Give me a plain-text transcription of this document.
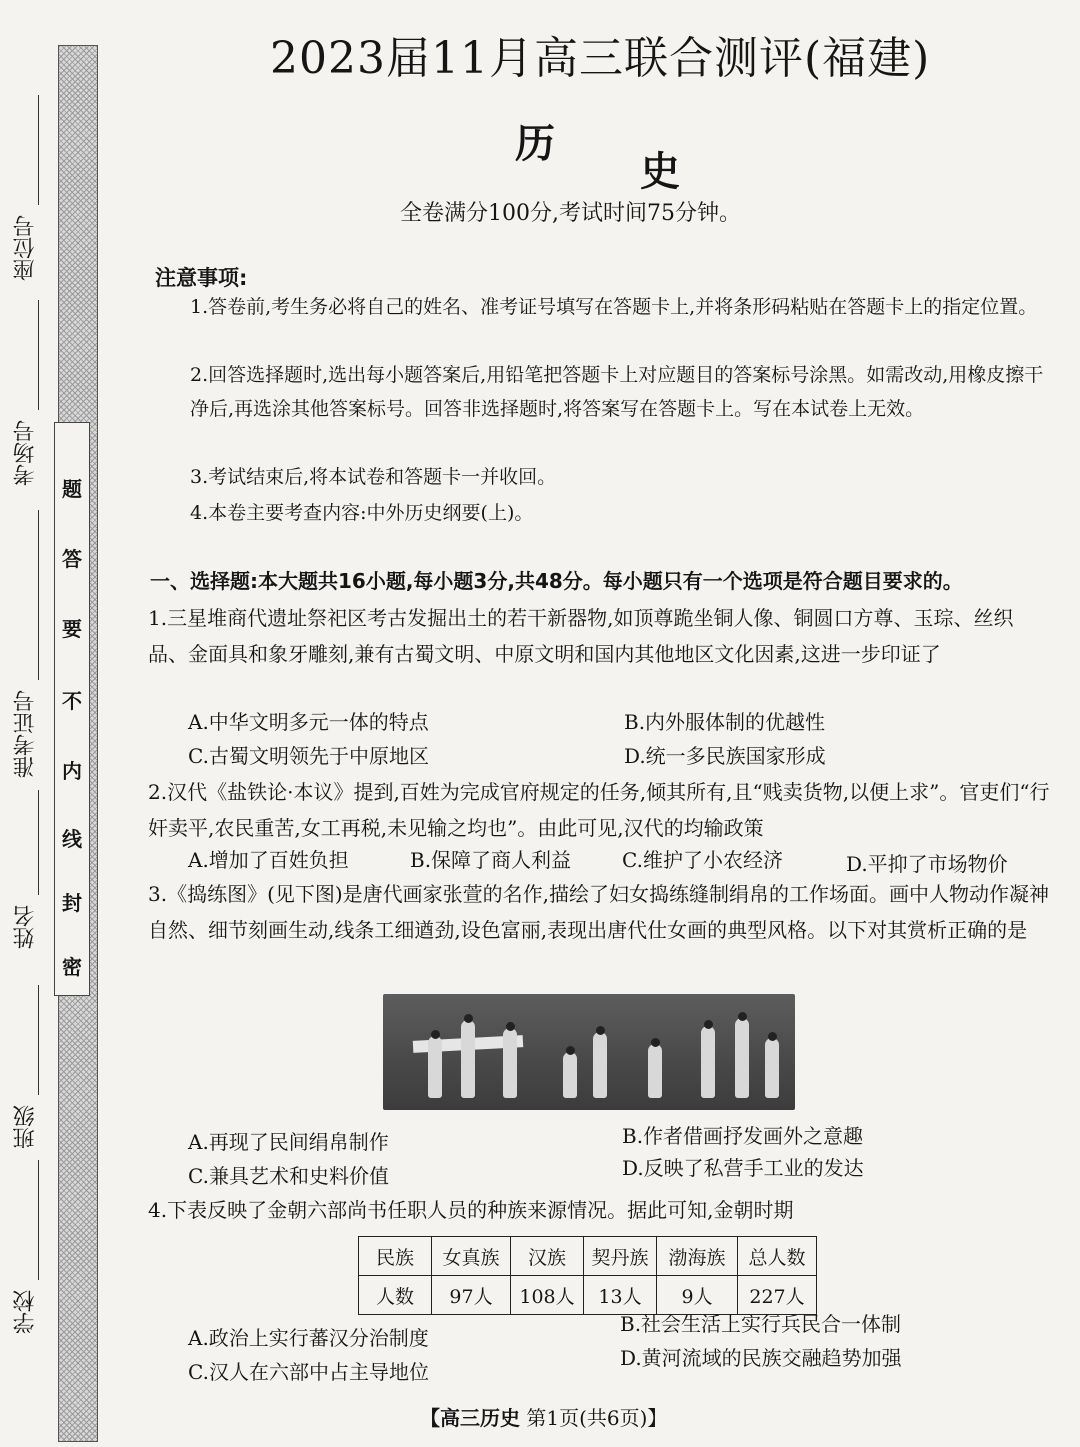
题
答
要
不
内
线
封
密
座位号
考场号
准考证号
姓名
班级
学校
2023届11月高三联合测评(福建)
历
史
全卷满分100分,考试时间75分钟。
注意事项:
1.答卷前,考生务必将自己的姓名、准考证号填写在答题卡上,并将条形码粘贴在答题卡上的指定位置。
2.回答选择题时,选出每小题答案后,用铅笔把答题卡上对应题目的答案标号涂黑。如需改动,用橡皮擦干净后,再选涂其他答案标号。回答非选择题时,将答案写在答题卡上。写在本试卷上无效。
3.考试结束后,将本试卷和答题卡一并收回。
4.本卷主要考查内容:中外历史纲要(上)。
一、选择题:本大题共16小题,每小题3分,共48分。每小题只有一个选项是符合题目要求的。
1.三星堆商代遗址祭祀区考古发掘出土的若干新器物,如顶尊跪坐铜人像、铜圆口方尊、玉琮、丝织品、金面具和象牙雕刻,兼有古蜀文明、中原文明和国内其他地区文化因素,这进一步印证了
A.中华文明多元一体的特点	B.内外服体制的优越性
C.古蜀文明领先于中原地区	D.统一多民族国家形成
2.汉代《盐铁论·本议》提到,百姓为完成官府规定的任务,倾其所有,且“贱卖货物,以便上求”。官吏们“行奸卖平,农民重苦,女工再税,未见输之均也”。由此可见,汉代的均输政策
A.增加了百姓负担	B.保障了商人利益	C.维护了小农经济	D.平抑了市场物价
3.《捣练图》(见下图)是唐代画家张萱的名作,描绘了妇女捣练缝制绢帛的工作场面。画中人物动作凝神自然、细节刻画生动,线条工细遒劲,设色富丽,表现出唐代仕女画的典型风格。以下对其赏析正确的是
A.再现了民间绢帛制作	B.作者借画抒发画外之意趣
C.兼具艺术和史料价值	D.反映了私营手工业的发达
4.下表反映了金朝六部尚书任职人员的种族来源情况。据此可知,金朝时期
民族	女真族	汉族	契丹族	渤海族	总人数
人数	97人	108人	13人	9人	227人
A.政治上实行蕃汉分治制度
B.社会生活上实行兵民合一体制
C.汉人在六部中占主导地位
D.黄河流域的民族交融趋势加强
【高三历史 第1页(共6页)】
